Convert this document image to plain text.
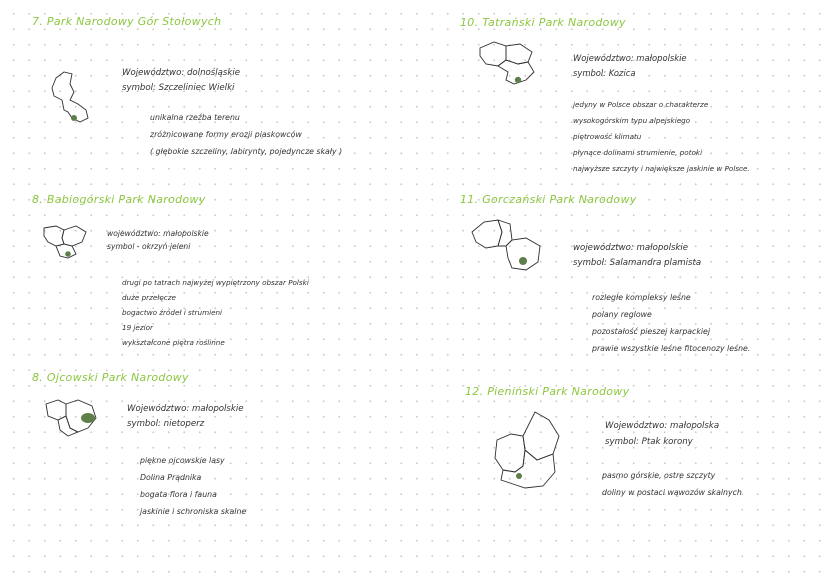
7. Park Narodowy Gór Stołowych
Województwo: dolnośląskie
symbol: Szczeliniec Wielki
unikalna rzeźba terenu
zróżnicowane formy erozji piaskowców
( głębokie szczeliny, labirynty, pojedyncze skały )
8. Babiogórski Park Narodowy
województwo: małopolskie
symbol - okrzyń jeleni
drugi po tatrach najwyżej wypiętrzony obszar Polski
duże przełęcze
bogactwo źródeł i strumieni
19 jezior
wykształcone piętra roślinne
8. Ojcowski Park Narodowy
Województwo: małopolskie
symbol: nietoperz
piękne ojcowskie lasy
Dolina Prądnika
bogata flora i fauna
jaskinie i schroniska skalne
10. Tatrański Park Narodowy
Województwo: małopolskie
symbol: Kozica
jedyny w Polsce obszar o charakterze
wysokogórskim typu alpejskiego
piętrowość klimatu
płynące dolinami strumienie, potoki
najwyższe szczyty i największe jaskinie w Polsce.
11. Gorczański Park Narodowy
województwo: małopolskie
symbol: Salamandra plamista
rozległe kompleksy leśne
polany reglowe
pozostałość pieszej karpackiej
prawie wszystkie leśne fitocenozy leśne.
12. Pieniński Park Narodowy
Województwo: małopolska
symbol: Ptak korony
pasmo górskie, ostre szczyty
doliny w postaci wąwozów skalnych
